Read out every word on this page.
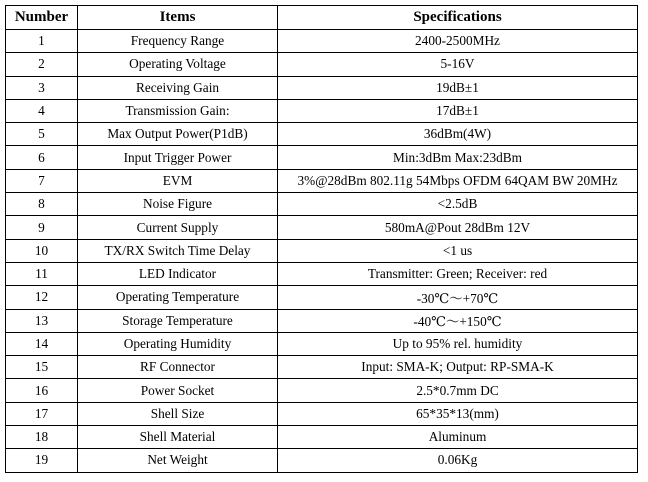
Number	Items	Specifications
1	Frequency Range	2400-2500MHz
2	Operating Voltage	5-16V
3	Receiving Gain	19dB±1
4	Transmission Gain:	17dB±1
5	Max Output Power(P1dB)	36dBm(4W)
6	Input Trigger Power	Min:3dBm Max:23dBm
7	EVM	3%@28dBm 802.11g 54Mbps OFDM 64QAM BW 20MHz
8	Noise Figure	<2.5dB
9	Current Supply	580mA@Pout 28dBm 12V
10	TX/RX Switch Time Delay	<1 us
11	LED Indicator	Transmitter: Green; Receiver: red
12	Operating Temperature	-30℃～+70℃
13	Storage Temperature	-40℃～+150℃
14	Operating Humidity	Up to 95% rel. humidity
15	RF Connector	Input: SMA-K; Output: RP-SMA-K
16	Power Socket	2.5*0.7mm DC
17	Shell Size	65*35*13(mm)
18	Shell Material	Aluminum
19	Net Weight	0.06Kg
